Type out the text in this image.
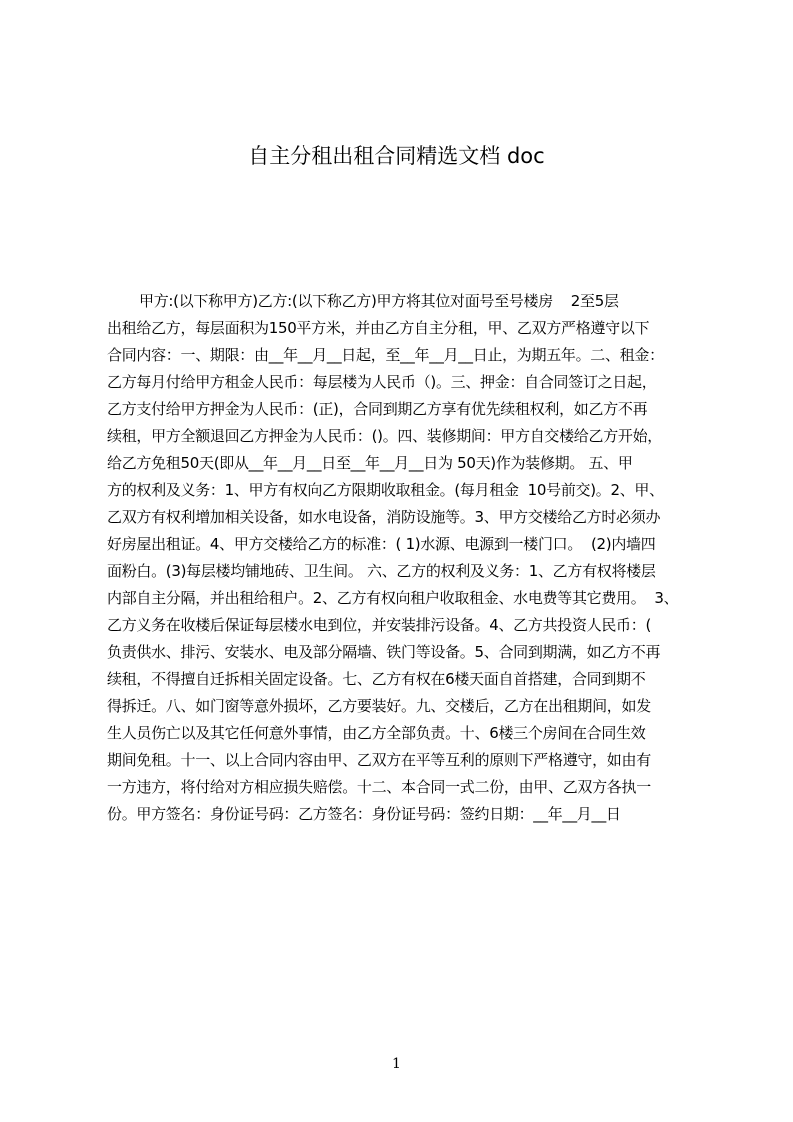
自主分租出租合同精选文档 doc
甲方:(以下称甲方)乙方:(以下称乙方)甲方将其位对面号至号楼房    2至5层
出租给乙方，每层面积为150平方米，并由乙方自主分租，甲、乙双方严格遵守以下
合同内容：一、期限：由__年__月__日起，至__年__月__日止，为期五年。二、租金：
乙方每月付给甲方租金人民币：每层楼为人民币（)。三、押金：自合同签订之日起，
乙方支付给甲方押金为人民币：(正)，合同到期乙方享有优先续租权利，如乙方不再
续租，甲方全额退回乙方押金为人民币：()。四、装修期间：甲方自交楼给乙方开始，
给乙方免租50天(即从__年__月__日至__年__月__日为 50天)作为装修期。 五、甲
方的权利及义务：1、甲方有权向乙方限期收取租金。(每月租金  10号前交)。2、甲、
乙双方有权利增加相关设备，如水电设备，消防设施等。3、甲方交楼给乙方时必须办
好房屋出租证。4、甲方交楼给乙方的标准：( 1)水源、电源到一楼门口。  (2)内墙四
面粉白。(3)每层楼均铺地砖、卫生间。 六、乙方的权利及义务：1、乙方有权将楼层
内部自主分隔，并出租给租户。2、乙方有权向租户收取租金、水电费等其它费用。  3、
乙方义务在收楼后保证每层楼水电到位，并安装排污设备。4、乙方共投资人民币：(
负责供水、排污、安装水、电及部分隔墙、铁门等设备。5、合同到期满，如乙方不再
续租，不得擅自迁拆相关固定设备。七、乙方有权在6楼天面自首搭建，合同到期不
得拆迁。八、如门窗等意外损坏，乙方要装好。九、交楼后，乙方在出租期间，如发
生人员伤亡以及其它任何意外事情，由乙方全部负责。十、6楼三个房间在合同生效
期间免租。十一、以上合同内容由甲、乙双方在平等互利的原则下严格遵守，如由有
一方违方，将付给对方相应损失赔偿。十二、本合同一式二份，由甲、乙双方各执一
份。甲方签名：身份证号码：乙方签名：身份证号码：签约日期：__年__月__日
1
